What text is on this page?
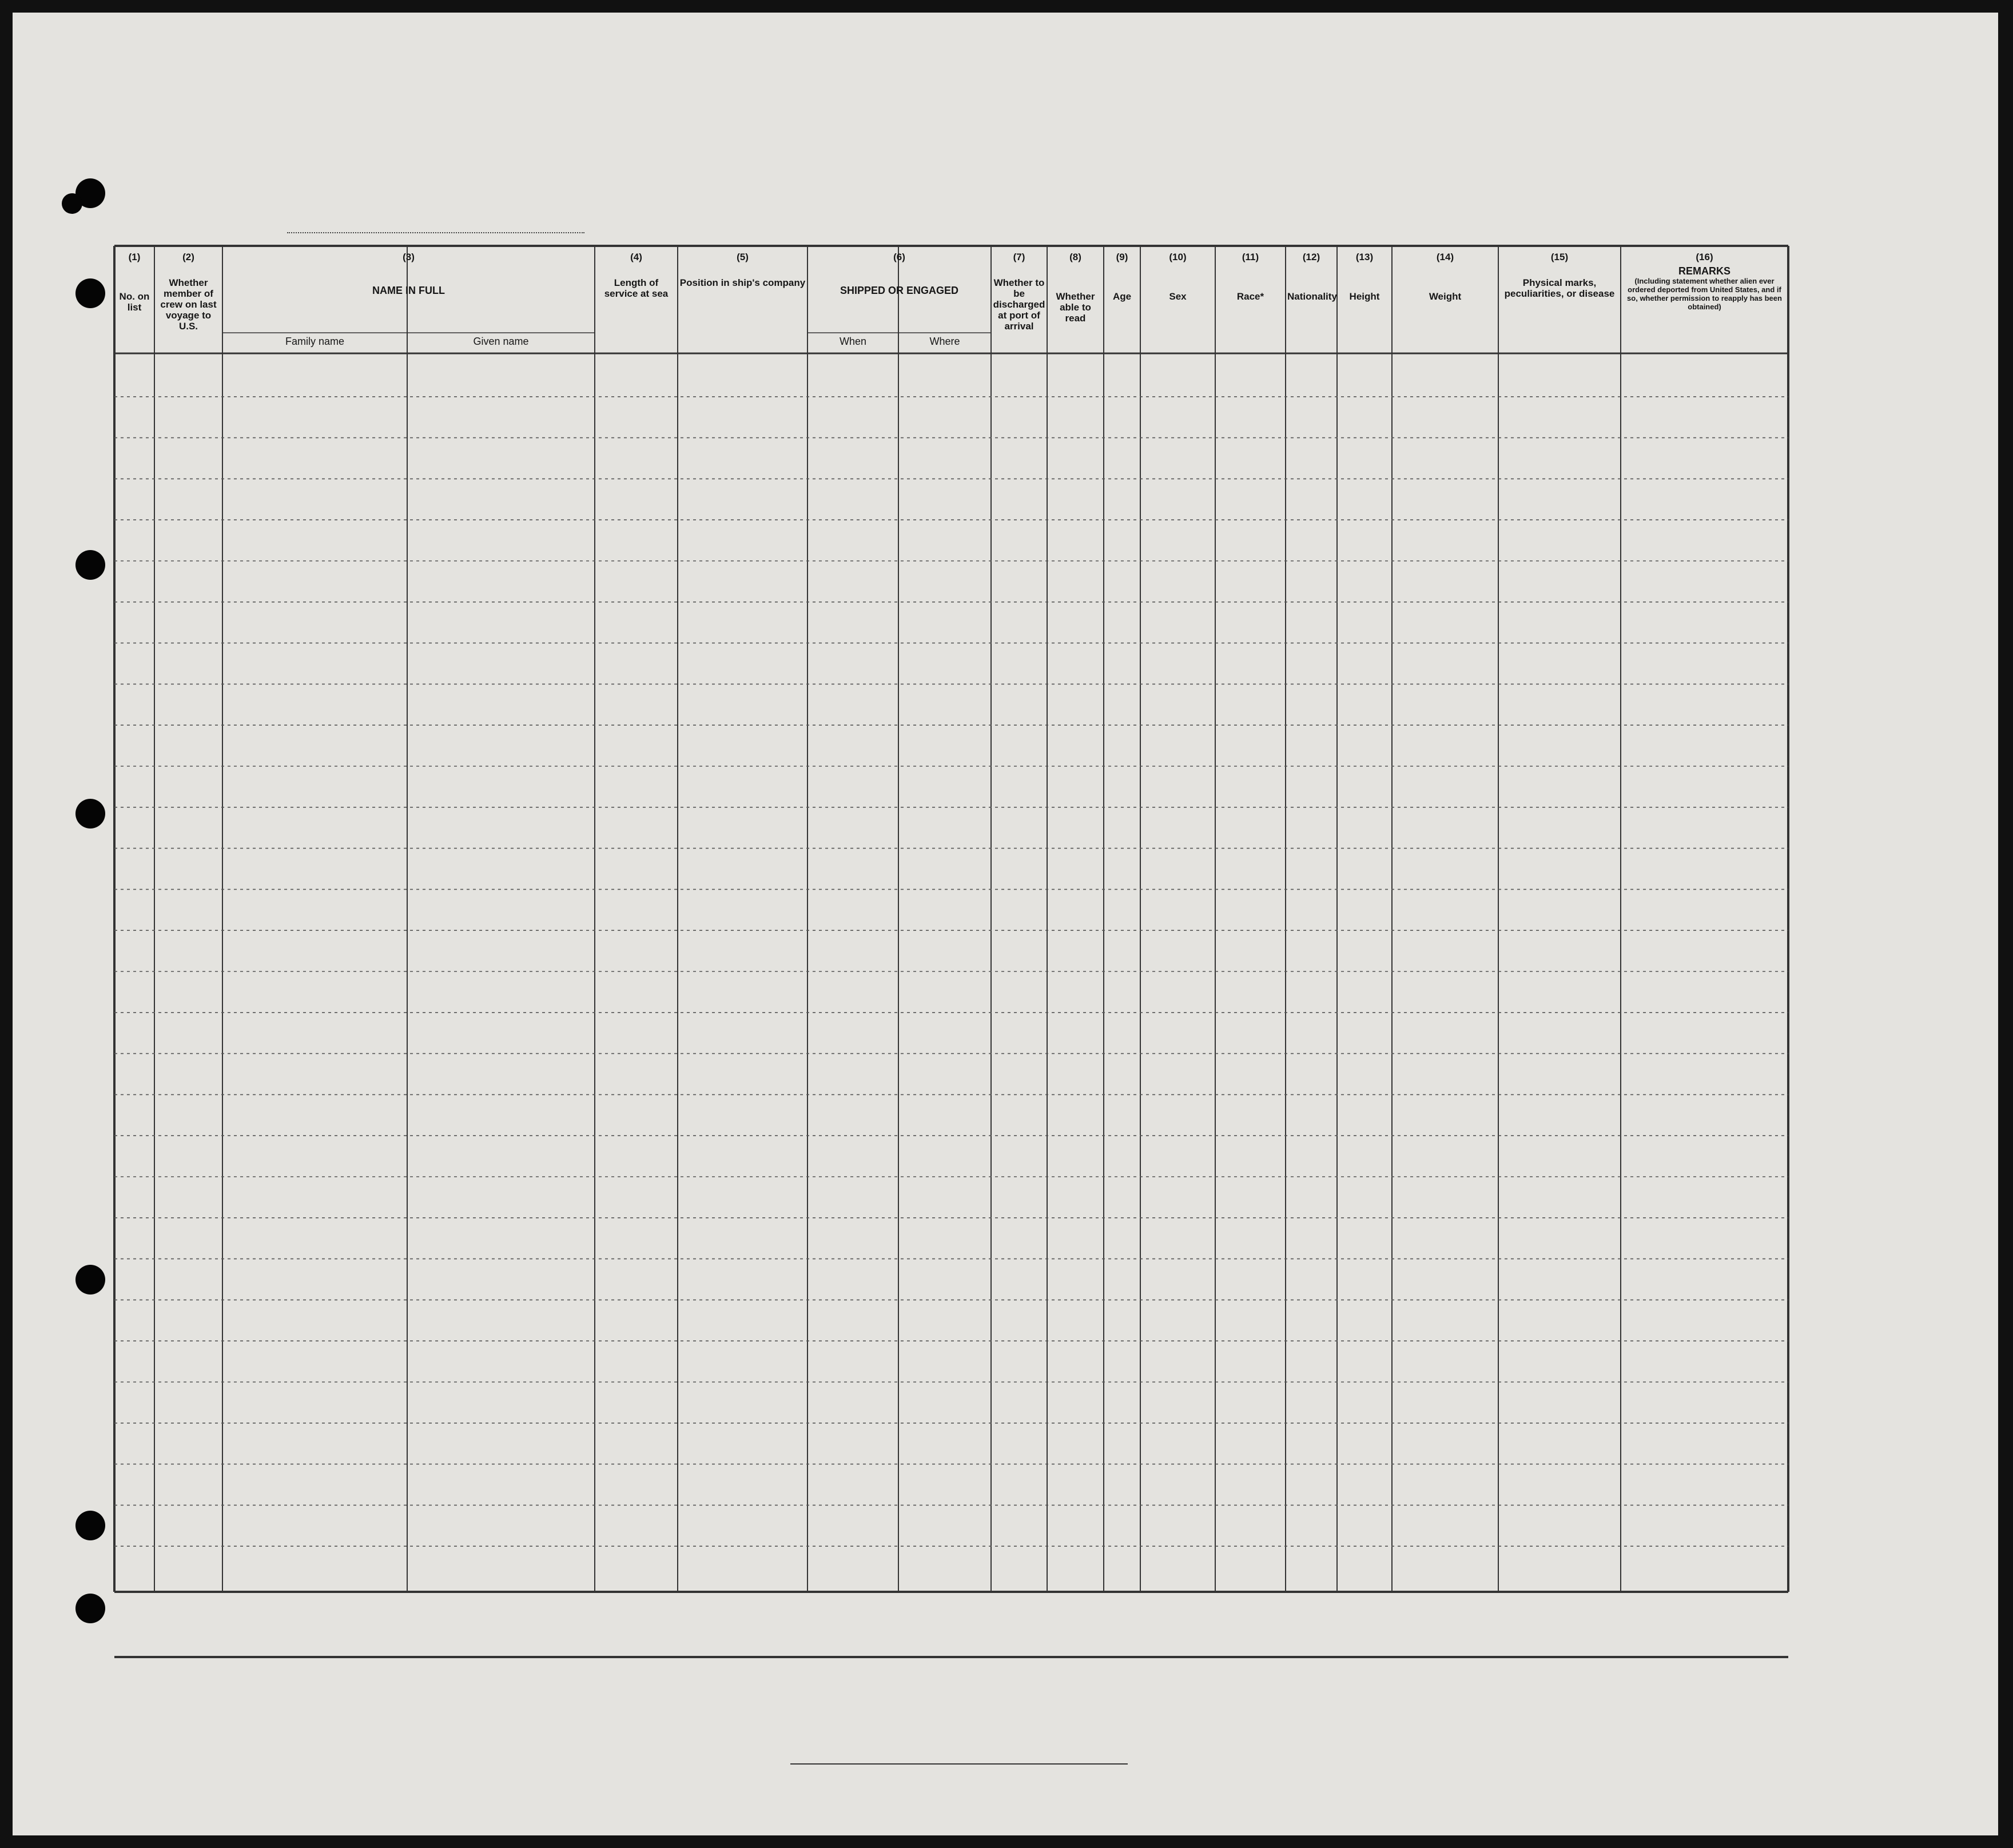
(1)
No. on list
(2)
Whether member of crew on last voyage to U.S.
(3)
NAME IN FULL
Family name	Given name
(4)
Length of service at sea
(5)
Position in ship's company
(6)
SHIPPED OR ENGAGED
When	Where
(7)
Whether to be discharged at port of arrival
(8)
Whether able to read
(9)
Age
(10)
Sex
(11)
Race*
(12)
Nationality
(13)
Height
(14)
Weight
(15)
Physical marks, peculiarities, or disease
(16)
REMARKS
(Including statement whether alien ever ordered deported from United States, and if so, whether permission to reapply has been obtained)
